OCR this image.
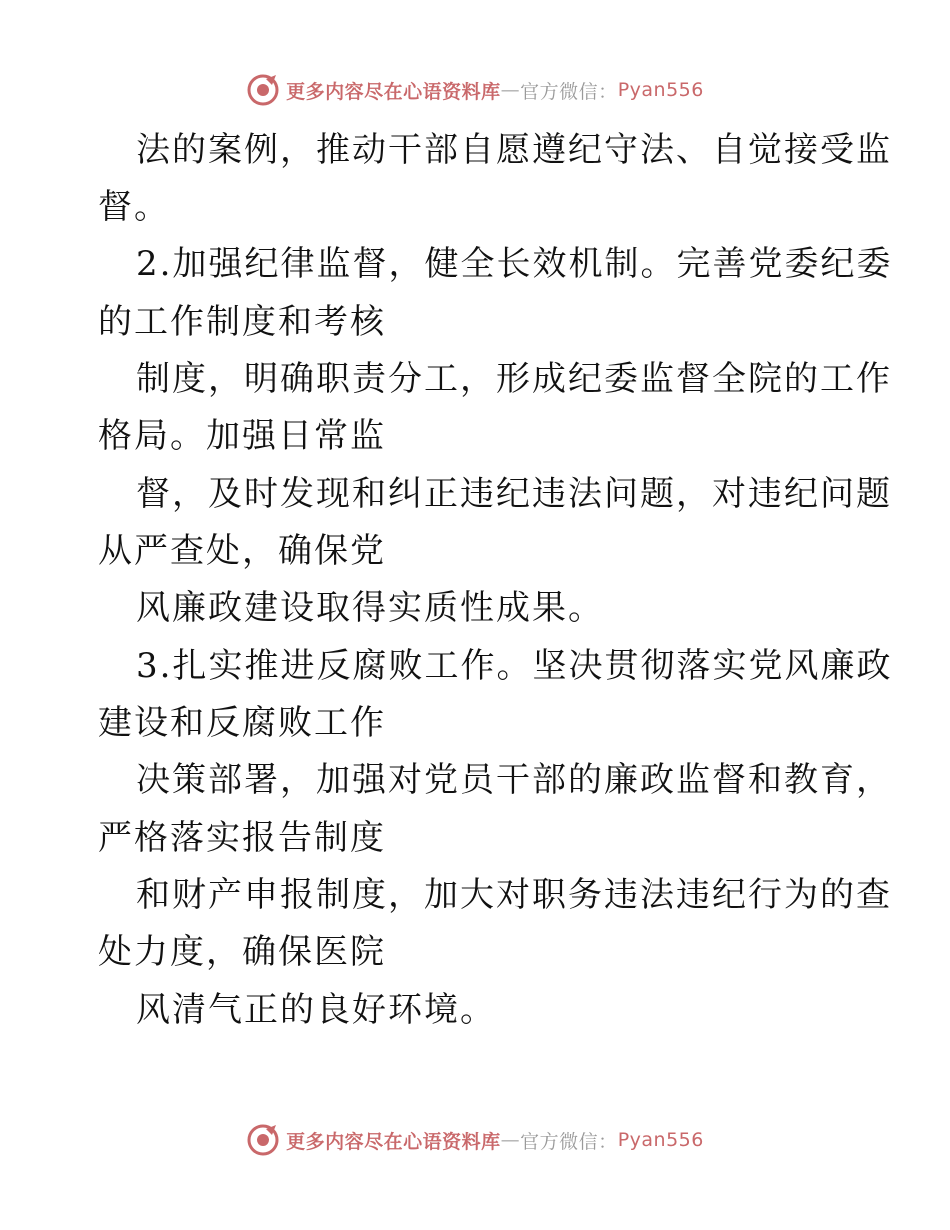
更多内容尽在心语资料库 — 官方微信： Pyan556
法的案例，推动干部自愿遵纪守法、自觉接受监
督。
2.加强纪律监督，健全长效机制。完善党委纪委
的工作制度和考核
制度，明确职责分工，形成纪委监督全院的工作
格局。加强日常监
督，及时发现和纠正违纪违法问题，对违纪问题
从严查处，确保党
风廉政建设取得实质性成果。
3.扎实推进反腐败工作。坚决贯彻落实党风廉政
建设和反腐败工作
决策部署，加强对党员干部的廉政监督和教育，
严格落实报告制度
和财产申报制度，加大对职务违法违纪行为的查
处力度，确保医院
风清气正的良好环境。
更多内容尽在心语资料库 — 官方微信： Pyan556
